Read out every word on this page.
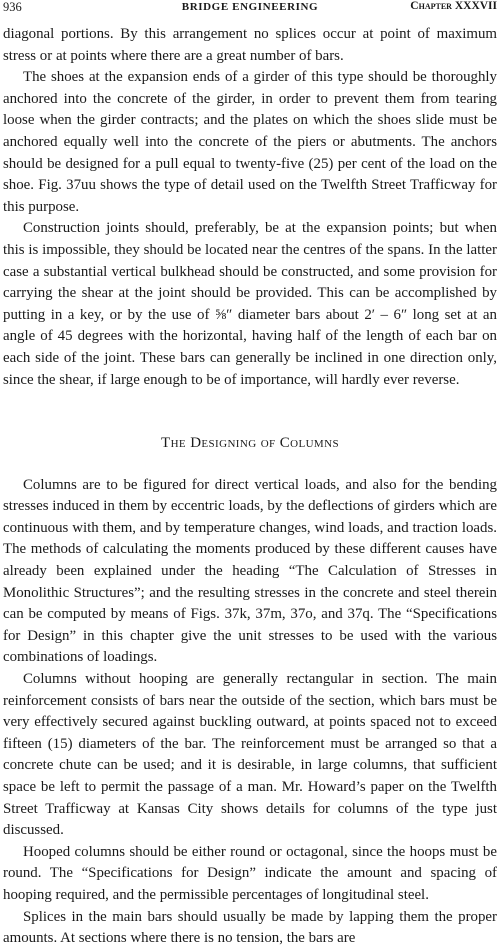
936	BRIDGE ENGINEERING	Chapter XXXVII

diagonal portions. By this arrangement no splices occur at point of maximum stress or at points where there are a great number of bars.

The shoes at the expansion ends of a girder of this type should be thoroughly anchored into the concrete of the girder, in order to prevent them from tearing loose when the girder contracts; and the plates on which the shoes slide must be anchored equally well into the concrete of the piers or abutments. The anchors should be designed for a pull equal to twenty-five (25) per cent of the load on the shoe. Fig. 37uu shows the type of detail used on the Twelfth Street Trafficway for this purpose.

Construction joints should, preferably, be at the expansion points; but when this is impossible, they should be located near the centres of the spans. In the latter case a substantial vertical bulkhead should be constructed, and some provision for carrying the shear at the joint should be provided. This can be accomplished by putting in a key, or by the use of ⅝″ diameter bars about 2′ – 6″ long set at an angle of 45 degrees with the horizontal, having half of the length of each bar on each side of the joint. These bars can generally be inclined in one direction only, since the shear, if large enough to be of importance, will hardly ever reverse.

The Designing of Columns

Columns are to be figured for direct vertical loads, and also for the bending stresses induced in them by eccentric loads, by the deflections of girders which are continuous with them, and by temperature changes, wind loads, and traction loads. The methods of calculating the moments produced by these different causes have already been explained under the heading “The Calculation of Stresses in Monolithic Structures”; and the resulting stresses in the concrete and steel therein can be computed by means of Figs. 37k, 37m, 37o, and 37q. The “Specifications for Design” in this chapter give the unit stresses to be used with the various combinations of loadings.

Columns without hooping are generally rectangular in section. The main reinforcement consists of bars near the outside of the section, which bars must be very effectively secured against buckling outward, at points spaced not to exceed fifteen (15) diameters of the bar. The reinforcement must be arranged so that a concrete chute can be used; and it is desirable, in large columns, that sufficient space be left to permit the passage of a man. Mr. Howard’s paper on the Twelfth Street Trafficway at Kansas City shows details for columns of the type just discussed.

Hooped columns should be either round or octagonal, since the hoops must be round. The “Specifications for Design” indicate the amount and spacing of hooping required, and the permissible percentages of longitudinal steel.

Splices in the main bars should usually be made by lapping them the proper amounts. At sections where there is no tension, the bars are
